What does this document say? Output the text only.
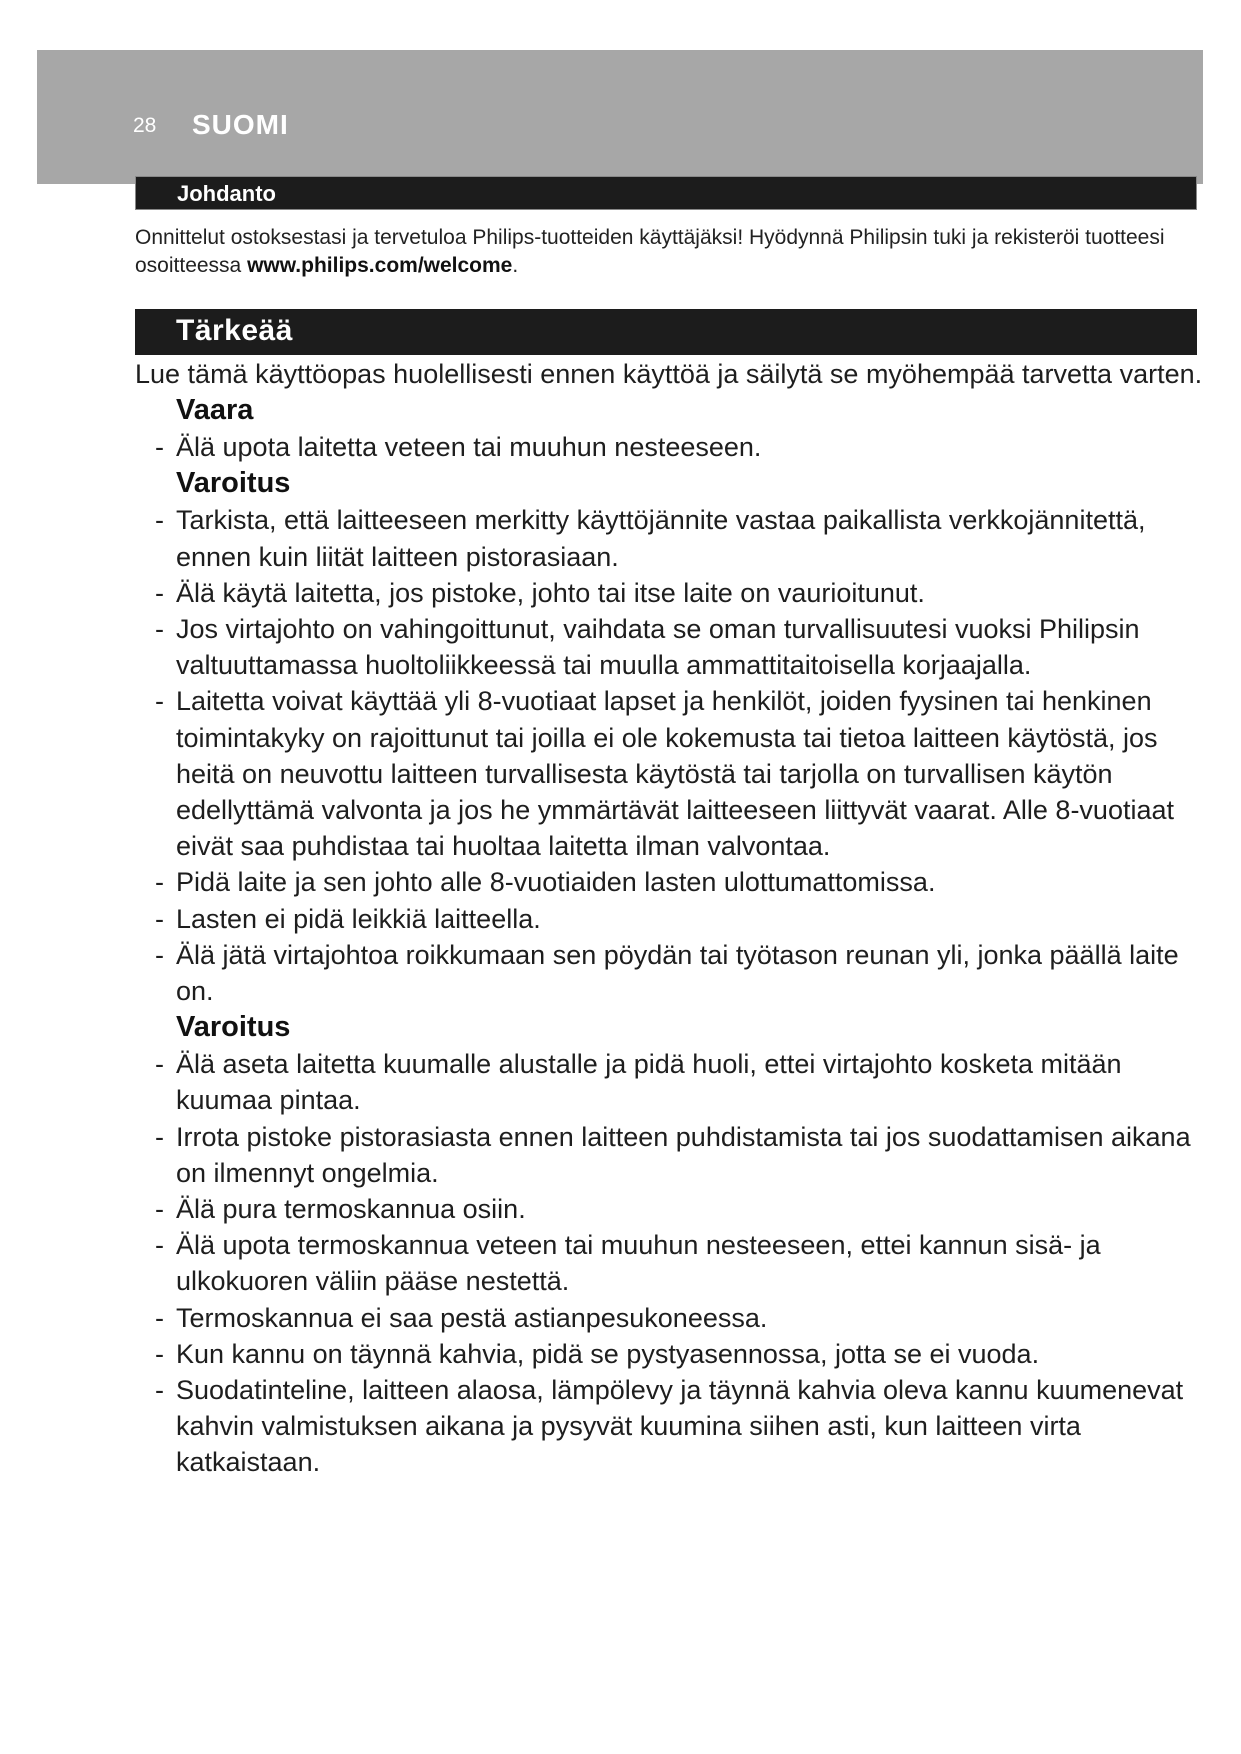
28 SUOMI
Johdanto
Onnittelut ostoksestasi ja tervetuloa Philips-tuotteiden käyttäjäksi! Hyödynnä Philipsin tuki ja rekisteröi tuotteesi osoitteessa www.philips.com/welcome.
Tärkeää

Lue tämä käyttöopas huolellisesti ennen käyttöä ja säilytä se myöhempää tarvetta varten.

Vaara

- Älä upota laitetta veteen tai muuhun nesteeseen.

Varoitus

- Tarkista, että laitteeseen merkitty käyttöjännite vastaa paikallista verkkojännitettä, ennen kuin liität laitteen pistorasiaan.

- Älä käytä laitetta, jos pistoke, johto tai itse laite on vaurioitunut.

- Jos virtajohto on vahingoittunut, vaihdata se oman turvallisuutesi vuoksi Philipsin valtuuttamassa huoltoliikkeessä tai muulla ammattitaitoisella korjaajalla.

- Laitetta voivat käyttää yli 8-vuotiaat lapset ja henkilöt, joiden fyysinen tai henkinen toimintakyky on rajoittunut tai joilla ei ole kokemusta tai tietoa laitteen käytöstä, jos heitä on neuvottu laitteen turvallisesta käytöstä tai tarjolla on turvallisen käytön edellyttämä valvonta ja jos he ymmärtävät laitteeseen liittyvät vaarat. Alle 8-vuotiaat eivät saa puhdistaa tai huoltaa laitetta ilman valvontaa.

- Pidä laite ja sen johto alle 8-vuotiaiden lasten ulottumattomissa.

- Lasten ei pidä leikkiä laitteella.

- Älä jätä virtajohtoa roikkumaan sen pöydän tai työtason reunan yli, jonka päällä laite on.

Varoitus

- Älä aseta laitetta kuumalle alustalle ja pidä huoli, ettei virtajohto kosketa mitään kuumaa pintaa.

- Irrota pistoke pistorasiasta ennen laitteen puhdistamista tai jos suodattamisen aikana on ilmennyt ongelmia.

- Älä pura termoskannua osiin.

- Älä upota termoskannua veteen tai muuhun nesteeseen, ettei kannun sisä- ja ulkokuoren väliin pääse nestettä.

- Termoskannua ei saa pestä astianpesukoneessa.

- Kun kannu on täynnä kahvia, pidä se pystyasennossa, jotta se ei vuoda.

- Suodatinteline, laitteen alaosa, lämpölevy ja täynnä kahvia oleva kannu kuumenevat kahvin valmistuksen aikana ja pysyvät kuumina siihen asti, kun laitteen virta katkaistaan.
